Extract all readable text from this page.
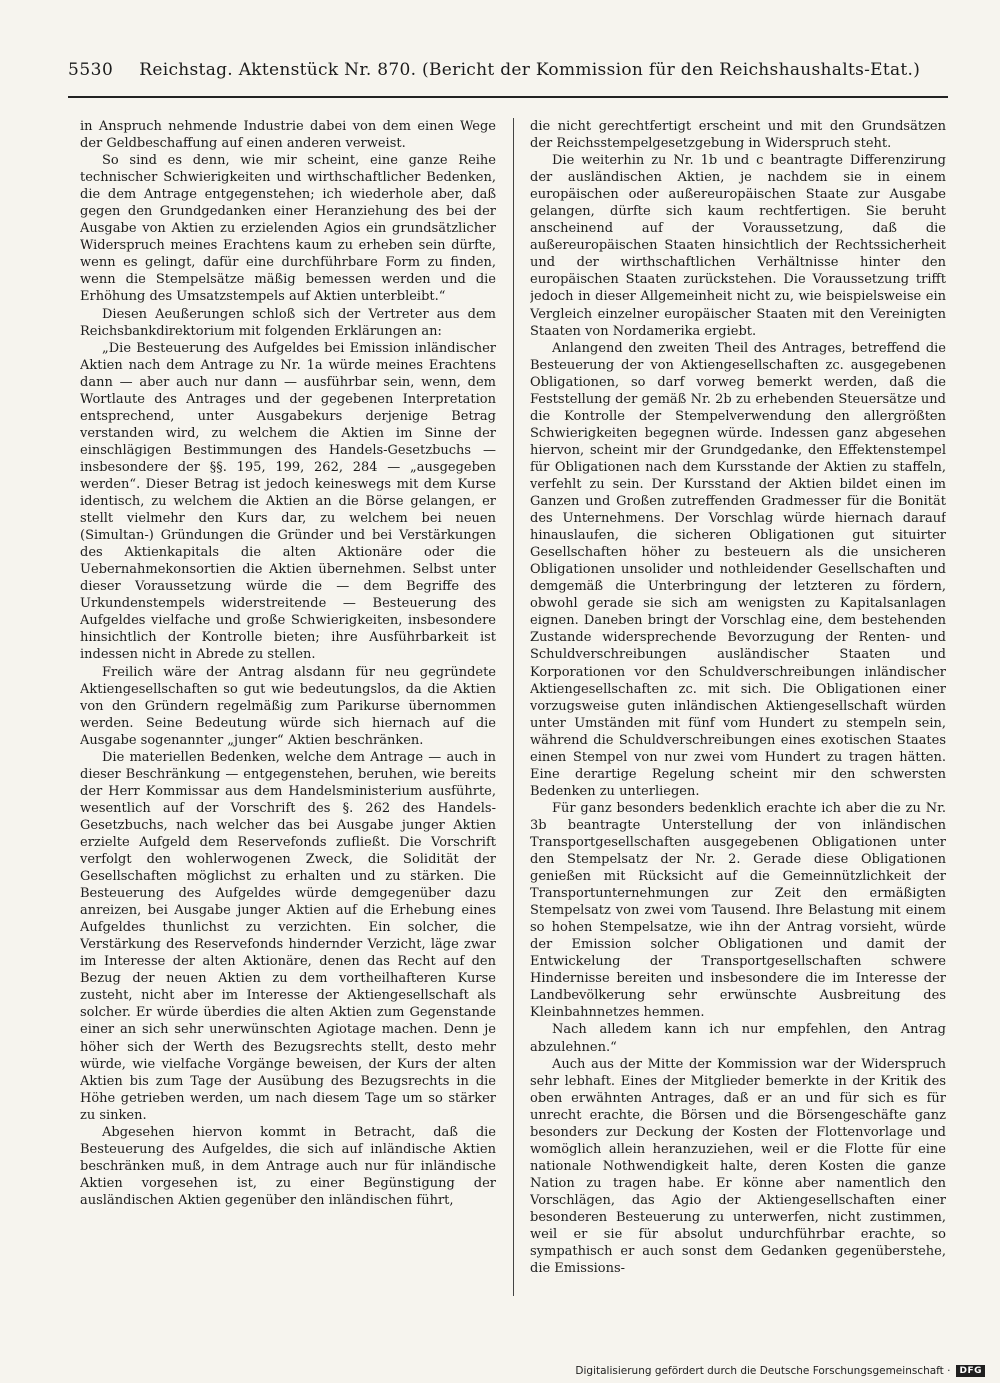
5530 Reichstag. Aktenstück Nr. 870. (Bericht der Kommission für den Reichshaushalts-Etat.)

in Anspruch nehmende Industrie dabei von dem einen Wege der Geldbeschaffung auf einen anderen verweist.

So sind es denn, wie mir scheint, eine ganze Reihe technischer Schwierigkeiten und wirthschaftlicher Bedenken, die dem Antrage entgegenstehen; ich wiederhole aber, daß gegen den Grundgedanken einer Heranziehung des bei der Ausgabe von Aktien zu erzielenden Agios ein grundsätzlicher Widerspruch meines Erachtens kaum zu erheben sein dürfte, wenn es gelingt, dafür eine durchführbare Form zu finden, wenn die Stempelsätze mäßig bemessen werden und die Erhöhung des Umsatzstempels auf Aktien unterbleibt.“

Diesen Aeußerungen schloß sich der Vertreter aus dem Reichsbankdirektorium mit folgenden Erklärungen an:

„Die Besteuerung des Aufgeldes bei Emission inländischer Aktien nach dem Antrage zu Nr. 1a würde meines Erachtens dann — aber auch nur dann — ausführbar sein, wenn, dem Wortlaute des Antrages und der gegebenen Interpretation entsprechend, unter Ausgabekurs derjenige Betrag verstanden wird, zu welchem die Aktien im Sinne der einschlägigen Bestimmungen des Handels-Gesetzbuchs — insbesondere der §§. 195, 199, 262, 284 — „ausgegeben werden“. Dieser Betrag ist jedoch keineswegs mit dem Kurse identisch, zu welchem die Aktien an die Börse gelangen, er stellt vielmehr den Kurs dar, zu welchem bei neuen (Simultan-) Gründungen die Gründer und bei Verstärkungen des Aktienkapitals die alten Aktionäre oder die Uebernahmekonsortien die Aktien übernehmen. Selbst unter dieser Voraussetzung würde die — dem Begriffe des Urkundenstempels widerstreitende — Besteuerung des Aufgeldes vielfache und große Schwierigkeiten, insbesondere hinsichtlich der Kontrolle bieten; ihre Ausführbarkeit ist indessen nicht in Abrede zu stellen.

Freilich wäre der Antrag alsdann für neu gegründete Aktiengesellschaften so gut wie bedeutungslos, da die Aktien von den Gründern regelmäßig zum Parikurse übernommen werden. Seine Bedeutung würde sich hiernach auf die Ausgabe sogenannter „junger“ Aktien beschränken.

Die materiellen Bedenken, welche dem Antrage — auch in dieser Beschränkung — entgegenstehen, beruhen, wie bereits der Herr Kommissar aus dem Handelsministerium ausführte, wesentlich auf der Vorschrift des §. 262 des Handels-Gesetzbuchs, nach welcher das bei Ausgabe junger Aktien erzielte Aufgeld dem Reservefonds zufließt. Die Vorschrift verfolgt den wohlerwogenen Zweck, die Solidität der Gesellschaften möglichst zu erhalten und zu stärken. Die Besteuerung des Aufgeldes würde demgegenüber dazu anreizen, bei Ausgabe junger Aktien auf die Erhebung eines Aufgeldes thunlichst zu verzichten. Ein solcher, die Verstärkung des Reservefonds hindernder Verzicht, läge zwar im Interesse der alten Aktionäre, denen das Recht auf den Bezug der neuen Aktien zu dem vortheilhafteren Kurse zusteht, nicht aber im Interesse der Aktiengesellschaft als solcher. Er würde überdies die alten Aktien zum Gegenstande einer an sich sehr unerwünschten Agiotage machen. Denn je höher sich der Werth des Bezugsrechts stellt, desto mehr würde, wie vielfache Vorgänge beweisen, der Kurs der alten Aktien bis zum Tage der Ausübung des Bezugsrechts in die Höhe getrieben werden, um nach diesem Tage um so stärker zu sinken.

Abgesehen hiervon kommt in Betracht, daß die Besteuerung des Aufgeldes, die sich auf inländische Aktien beschränken muß, in dem Antrage auch nur für inländische Aktien vorgesehen ist, zu einer Begünstigung der ausländischen Aktien gegenüber den inländischen führt,

die nicht gerechtfertigt erscheint und mit den Grundsätzen der Reichsstempelgesetzgebung in Widerspruch steht.

Die weiterhin zu Nr. 1b und c beantragte Differenzirung der ausländischen Aktien, je nachdem sie in einem europäischen oder außereuropäischen Staate zur Ausgabe gelangen, dürfte sich kaum rechtfertigen. Sie beruht anscheinend auf der Voraussetzung, daß die außereuropäischen Staaten hinsichtlich der Rechtssicherheit und der wirthschaftlichen Verhältnisse hinter den europäischen Staaten zurückstehen. Die Voraussetzung trifft jedoch in dieser Allgemeinheit nicht zu, wie beispielsweise ein Vergleich einzelner europäischer Staaten mit den Vereinigten Staaten von Nordamerika ergiebt.

Anlangend den zweiten Theil des Antrages, betreffend die Besteuerung der von Aktiengesellschaften zc. ausgegebenen Obligationen, so darf vorweg bemerkt werden, daß die Feststellung der gemäß Nr. 2b zu erhebenden Steuersätze und die Kontrolle der Stempelverwendung den allergrößten Schwierigkeiten begegnen würde. Indessen ganz abgesehen hiervon, scheint mir der Grundgedanke, den Effektenstempel für Obligationen nach dem Kursstande der Aktien zu staffeln, verfehlt zu sein. Der Kursstand der Aktien bildet einen im Ganzen und Großen zutreffenden Gradmesser für die Bonität des Unternehmens. Der Vorschlag würde hiernach darauf hinauslaufen, die sicheren Obligationen gut situirter Gesellschaften höher zu besteuern als die unsicheren Obligationen unsolider und nothleidender Gesellschaften und demgemäß die Unterbringung der letzteren zu fördern, obwohl gerade sie sich am wenigsten zu Kapitalsanlagen eignen. Daneben bringt der Vorschlag eine, dem bestehenden Zustande widersprechende Bevorzugung der Renten- und Schuldverschreibungen ausländischer Staaten und Korporationen vor den Schuldverschreibungen inländischer Aktiengesellschaften zc. mit sich. Die Obligationen einer vorzugsweise guten inländischen Aktiengesellschaft würden unter Umständen mit fünf vom Hundert zu stempeln sein, während die Schuldverschreibungen eines exotischen Staates einen Stempel von nur zwei vom Hundert zu tragen hätten. Eine derartige Regelung scheint mir den schwersten Bedenken zu unterliegen.

Für ganz besonders bedenklich erachte ich aber die zu Nr. 3b beantragte Unterstellung der von inländischen Transportgesellschaften ausgegebenen Obligationen unter den Stempelsatz der Nr. 2. Gerade diese Obligationen genießen mit Rücksicht auf die Gemeinnützlichkeit der Transportunternehmungen zur Zeit den ermäßigten Stempelsatz von zwei vom Tausend. Ihre Belastung mit einem so hohen Stempelsatze, wie ihn der Antrag vorsieht, würde der Emission solcher Obligationen und damit der Entwickelung der Transportgesellschaften schwere Hindernisse bereiten und insbesondere die im Interesse der Landbevölkerung sehr erwünschte Ausbreitung des Kleinbahnnetzes hemmen.

Nach alledem kann ich nur empfehlen, den Antrag abzulehnen.“

Auch aus der Mitte der Kommission war der Widerspruch sehr lebhaft. Eines der Mitglieder bemerkte in der Kritik des oben erwähnten Antrages, daß er an und für sich es für unrecht erachte, die Börsen und die Börsengeschäfte ganz besonders zur Deckung der Kosten der Flottenvorlage und womöglich allein heranzuziehen, weil er die Flotte für eine nationale Nothwendigkeit halte, deren Kosten die ganze Nation zu tragen habe. Er könne aber namentlich den Vorschlägen, das Agio der Aktiengesellschaften einer besonderen Besteuerung zu unterwerfen, nicht zustimmen, weil er sie für absolut undurchführbar erachte, so sympathisch er auch sonst dem Gedanken gegenüberstehe, die Emissions-

Digitalisierung gefördert durch die Deutsche Forschungsgemeinschaft ·	DFG
